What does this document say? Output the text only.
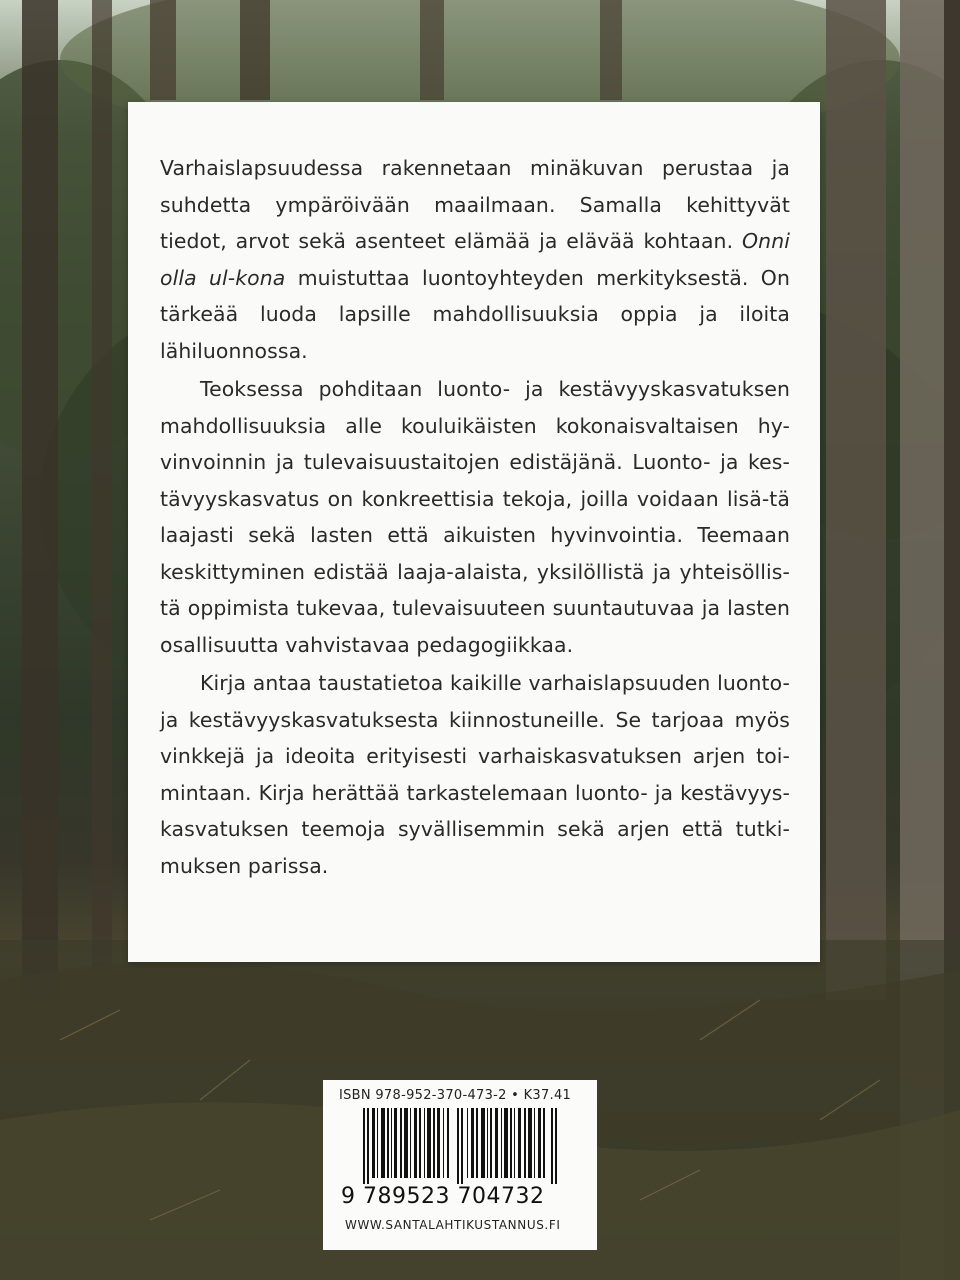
Varhaislapsuudessa rakennetaan minäkuvan perustaa ja suhdetta ympäröivään maailmaan. Samalla kehittyvät tiedot, arvot sekä asenteet elämää ja elävää kohtaan. Onni olla ul-kona muistuttaa luontoyhteyden merkityksestä. On tärkeää luoda lapsille mahdollisuuksia oppia ja iloita lähiluonnossa.

Teoksessa pohditaan luonto- ja kestävyyskasvatuksen mahdollisuuksia alle kouluikäisten kokonaisvaltaisen hy-vinvoinnin ja tulevaisuustaitojen edistäjänä. Luonto- ja kes-tävyyskasvatus on konkreettisia tekoja, joilla voidaan lisä-tä laajasti sekä lasten että aikuisten hyvinvointia. Teemaan keskittyminen edistää laaja-alaista, yksilöllistä ja yhteisöllis-tä oppimista tukevaa, tulevaisuuteen suuntautuvaa ja lasten osallisuutta vahvistavaa pedagogiikkaa.

Kirja antaa taustatietoa kaikille varhaislapsuuden luonto-ja kestävyyskasvatuksesta kiinnostuneille. Se tarjoaa myös vinkkejä ja ideoita erityisesti varhaiskasvatuksen arjen toi-mintaan. Kirja herättää tarkastelemaan luonto- ja kestävyys-kasvatuksen teemoja syvällisemmin sekä arjen että tutki-muksen parissa.

ISBN 978-952-370-473-2 • K37.41
9 789523 704732
WWW.SANTALAHTIKUSTANNUS.FI
